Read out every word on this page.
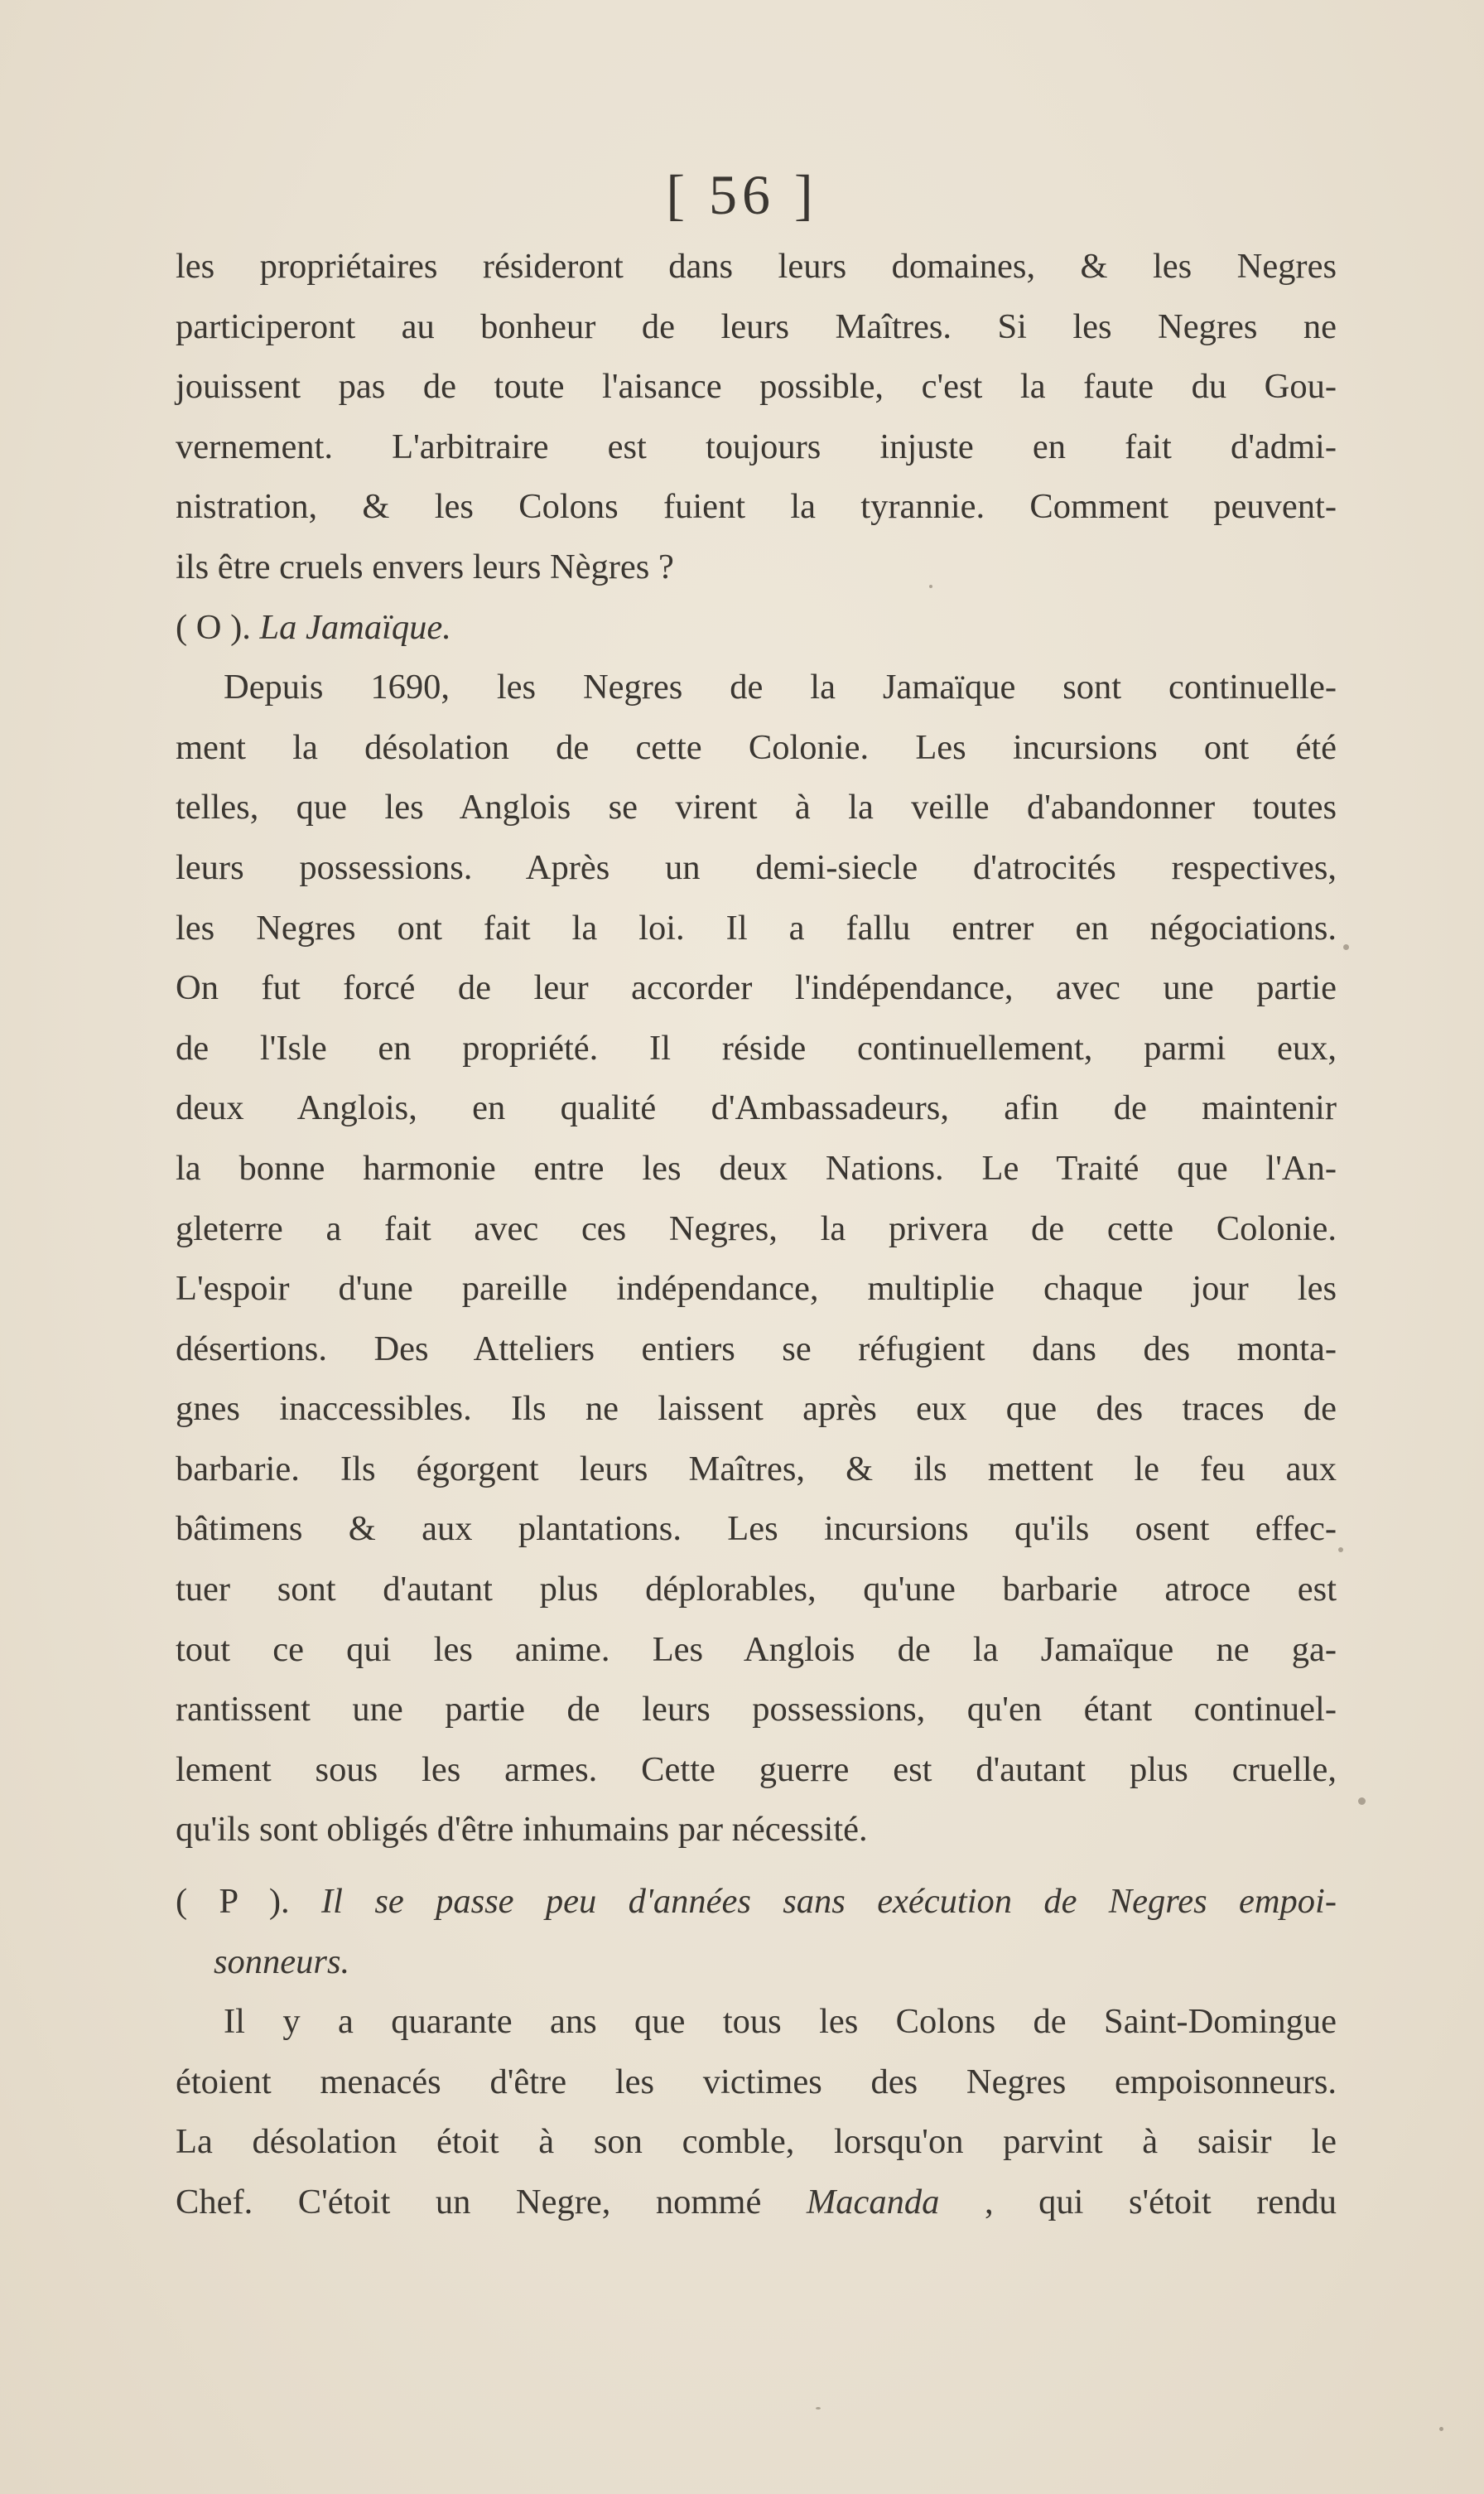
[ 56 ]
les propriétaires résideront dans leurs domaines, & les Negres
participeront au bonheur de leurs Maîtres. Si les Negres ne
jouissent pas de toute l'aisance possible, c'est la faute du Gou-
vernement. L'arbitraire est toujours injuste en fait d'admi-
nistration, & les Colons fuient la tyrannie. Comment peuvent-
ils être cruels envers leurs Nègres ?
( O ). La Jamaïque.
Depuis 1690, les Negres de la Jamaïque sont continuelle-
ment la désolation de cette Colonie. Les incursions ont été
telles, que les Anglois se virent à la veille d'abandonner toutes
leurs possessions. Après un demi-siecle d'atrocités respectives,
les Negres ont fait la loi. Il a fallu entrer en négociations.
On fut forcé de leur accorder l'indépendance, avec une partie
de l'Isle en propriété. Il réside continuellement, parmi eux,
deux Anglois, en qualité d'Ambassadeurs, afin de maintenir
la bonne harmonie entre les deux Nations. Le Traité que l'An-
gleterre a fait avec ces Negres, la privera de cette Colonie.
L'espoir d'une pareille indépendance, multiplie chaque jour les
désertions. Des Atteliers entiers se réfugient dans des monta-
gnes inaccessibles. Ils ne laissent après eux que des traces de
barbarie. Ils égorgent leurs Maîtres, & ils mettent le feu aux
bâtimens & aux plantations. Les incursions qu'ils osent effec-
tuer sont d'autant plus déplorables, qu'une barbarie atroce est
tout ce qui les anime. Les Anglois de la Jamaïque ne ga-
rantissent une partie de leurs possessions, qu'en étant continuel-
lement sous les armes. Cette guerre est d'autant plus cruelle,
qu'ils sont obligés d'être inhumains par nécessité.
( P ). Il se passe peu d'années sans exécution de Negres empoi-
sonneurs.
Il y a quarante ans que tous les Colons de Saint-Domingue
étoient menacés d'être les victimes des Negres empoisonneurs.
La désolation étoit à son comble, lorsqu'on parvint à saisir le
Chef. C'étoit un Negre, nommé Macanda , qui s'étoit rendu
